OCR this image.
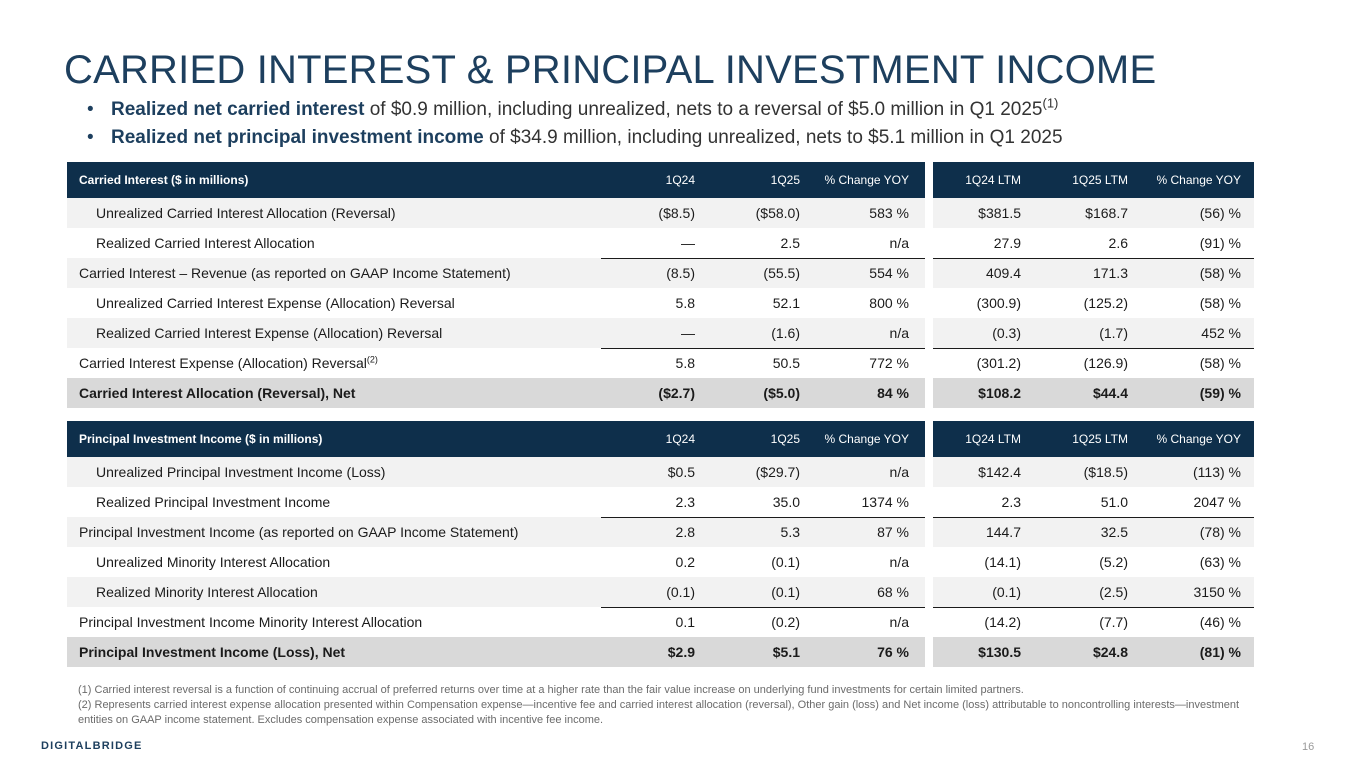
CARRIED INTEREST & PRINCIPAL INVESTMENT INCOME
• Realized net carried interest of $0.9 million, including unrealized, nets to a reversal of $5.0 million in Q1 2025$^{(1)}$
• Realized net principal investment income of $34.9 million, including unrealized, nets to $5.1 million in Q1 2025
Carried Interest ($ in millions)	1Q24	1Q25	% Change YOY	1Q24 LTM	1Q25 LTM	% Change YOY
Unrealized Carried Interest Allocation (Reversal)	($8.5)	($58.0)	583 %	$381.5	$168.7	(56) %
Realized Carried Interest Allocation	—	2.5	n/a	27.9	2.6	(91) %
Carried Interest – Revenue (as reported on GAAP Income Statement)	(8.5)	(55.5)	554 %	409.4	171.3	(58) %
Unrealized Carried Interest Expense (Allocation) Reversal	5.8	52.1	800 %	(300.9)	(125.2)	(58) %
Realized Carried Interest Expense (Allocation) Reversal	—	(1.6)	n/a	(0.3)	(1.7)	452 %
Carried Interest Expense (Allocation) Reversal$^{(2)}$	5.8	50.5	772 %	(301.2)	(126.9)	(58) %
Carried Interest Allocation (Reversal), Net	($2.7)	($5.0)	84 %	$108.2	$44.4	(59) %
Principal Investment Income ($ in millions)	1Q24	1Q25	% Change YOY	1Q24 LTM	1Q25 LTM	% Change YOY
Unrealized Principal Investment Income (Loss)	$0.5	($29.7)	n/a	$142.4	($18.5)	(113) %
Realized Principal Investment Income	2.3	35.0	1374 %	2.3	51.0	2047 %
Principal Investment Income (as reported on GAAP Income Statement)	2.8	5.3	87 %	144.7	32.5	(78) %
Unrealized Minority Interest Allocation	0.2	(0.1)	n/a	(14.1)	(5.2)	(63) %
Realized Minority Interest Allocation	(0.1)	(0.1)	68 %	(0.1)	(2.5)	3150 %
Principal Investment Income Minority Interest Allocation	0.1	(0.2)	n/a	(14.2)	(7.7)	(46) %
Principal Investment Income (Loss), Net	$2.9	$5.1	76 %	$130.5	$24.8	(81) %
(1) Carried interest reversal is a function of continuing accrual of preferred returns over time at a higher rate than the fair value increase on underlying fund investments for certain limited partners.
(2) Represents carried interest expense allocation presented within Compensation expense—incentive fee and carried interest allocation (reversal), Other gain (loss) and Net income (loss) attributable to noncontrolling interests—investment entities on GAAP income statement. Excludes compensation expense associated with incentive fee income.
DIGITALBRIDGE	16
